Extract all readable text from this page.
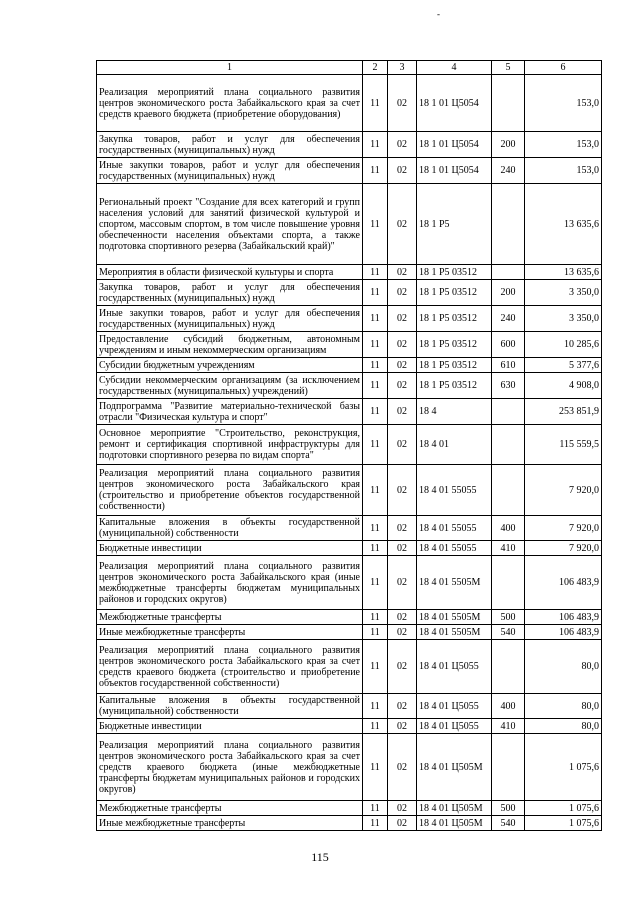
-
1	2	3	4	5	6
Реализация мероприятий плана социального развития центров экономического роста Забайкальского края за счет средств краевого бюджета (приобретение оборудования)	11	02	18 1 01 Ц5054		153,0
Закупка товаров, работ и услуг для обеспечения государственных (муниципальных) нужд	11	02	18 1 01 Ц5054	200	153,0
Иные закупки товаров, работ и услуг для обеспечения государственных (муниципальных) нужд	11	02	18 1 01 Ц5054	240	153,0
Региональный проект "Создание для всех категорий и групп населения условий для занятий физической культурой и спортом, массовым спортом, в том числе повышение уровня обеспеченности населения объектами спорта, а также подготовка спортивного резерва (Забайкальский край)"	11	02	18 1 P5		13 635,6
Мероприятия в области физической культуры и спорта	11	02	18 1 P5 03512		13 635,6
Закупка товаров, работ и услуг для обеспечения государственных (муниципальных) нужд	11	02	18 1 P5 03512	200	3 350,0
Иные закупки товаров, работ и услуг для обеспечения государственных (муниципальных) нужд	11	02	18 1 P5 03512	240	3 350,0
Предоставление субсидий бюджетным, автономным учреждениям и иным некоммерческим организациям	11	02	18 1 P5 03512	600	10 285,6
Субсидии бюджетным учреждениям	11	02	18 1 P5 03512	610	5 377,6
Субсидии некоммерческим организациям (за исключением государственных (муниципальных) учреждений)	11	02	18 1 P5 03512	630	4 908,0
Подпрограмма "Развитие материально-технической базы отрасли "Физическая культура и спорт"	11	02	18 4		253 851,9
Основное мероприятие "Строительство, реконструкция, ремонт и сертификация спортивной инфраструктуры для подготовки спортивного резерва по видам спорта"	11	02	18 4 01		115 559,5
Реализация мероприятий плана социального развития центров экономического роста Забайкальского края (строительство и приобретение объектов государственной собственности)	11	02	18 4 01 55055		7 920,0
Капитальные вложения в объекты государственной (муниципальной) собственности	11	02	18 4 01 55055	400	7 920,0
Бюджетные инвестиции	11	02	18 4 01 55055	410	7 920,0
Реализация мероприятий плана социального развития центров экономического роста Забайкальского края (иные межбюджетные трансферты бюджетам муниципальных районов и городских округов)	11	02	18 4 01 5505М		106 483,9
Межбюджетные трансферты	11	02	18 4 01 5505М	500	106 483,9
Иные межбюджетные трансферты	11	02	18 4 01 5505М	540	106 483,9
Реализация мероприятий плана социального развития центров экономического роста Забайкальского края за счет средств краевого бюджета (строительство и приобретение объектов государственной собственности)	11	02	18 4 01 Ц5055		80,0
Капитальные вложения в объекты государственной (муниципальной) собственности	11	02	18 4 01 Ц5055	400	80,0
Бюджетные инвестиции	11	02	18 4 01 Ц5055	410	80,0
Реализация мероприятий плана социального развития центров экономического роста Забайкальского края за счет средств краевого бюджета (иные межбюджетные трансферты бюджетам муниципальных районов и городских округов)	11	02	18 4 01 Ц505М		1 075,6
Межбюджетные трансферты	11	02	18 4 01 Ц505М	500	1 075,6
Иные межбюджетные трансферты	11	02	18 4 01 Ц505М	540	1 075,6
115
